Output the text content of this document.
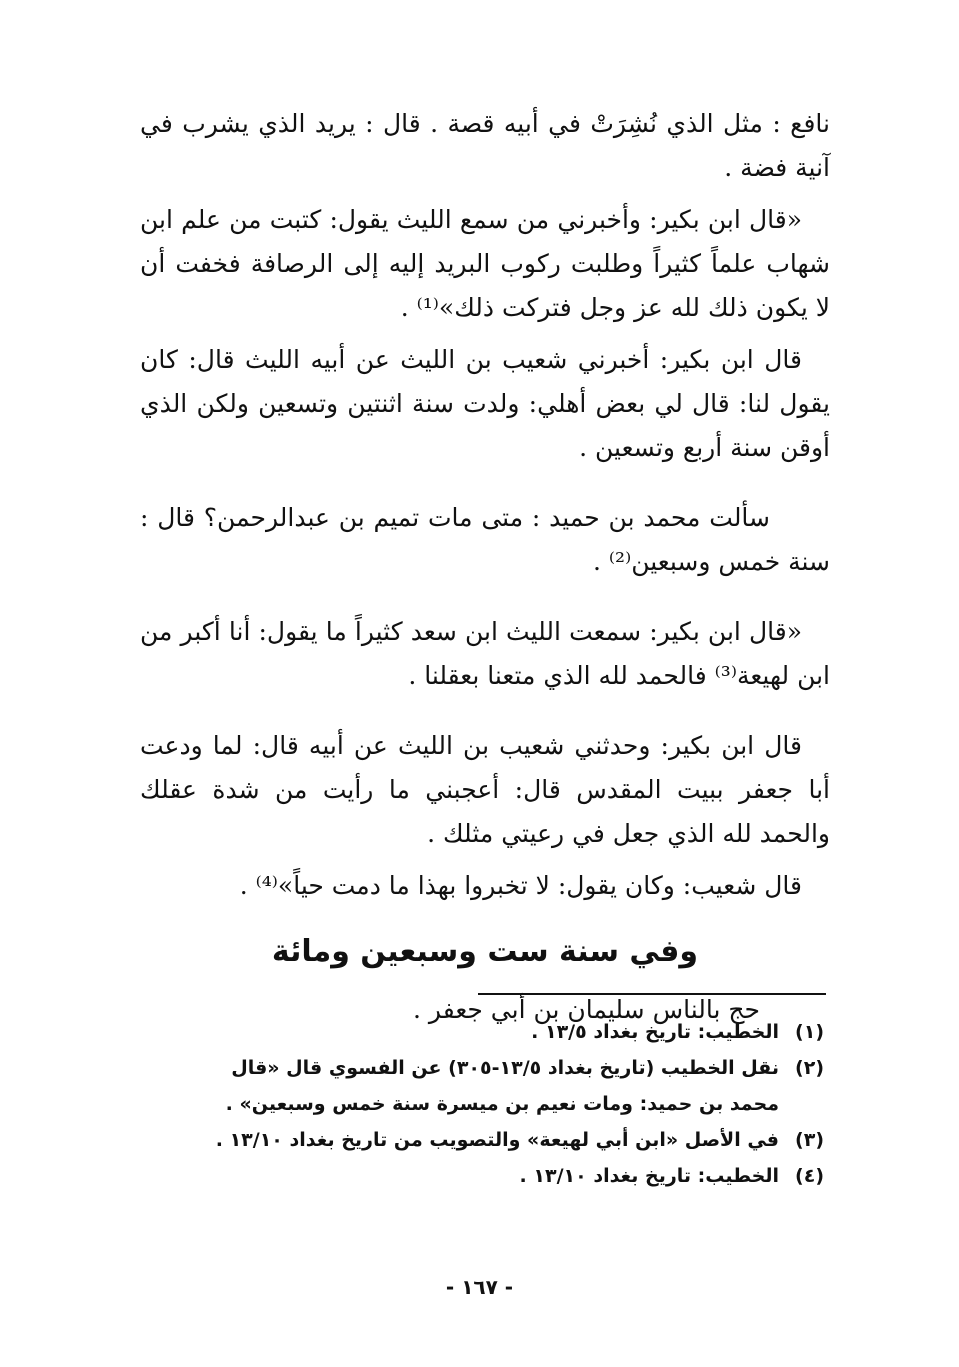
نافع : مثل الذي نُشِرَتْ في أبيه قصة . قال : يريد الذي يشرب في آنية فضة .

«قال ابن بكير: وأخبرني من سمع الليث يقول: كتبت من علم ابن شهاب علماً كثيراً وطلبت ركوب البريد إليه إلى الرصافة فخفت أن لا يكون ذلك لله عز وجل فتركت ذلك»⁽¹⁾ .

قال ابن بكير: أخبرني شعيب بن الليث عن أبيه الليث قال: كان يقول لنا: قال لي بعض أهلي: ولدت سنة اثنتين وتسعين ولكن الذي أوقن سنة أربع وتسعين .

سألت محمد بن حميد : متى مات تميم بن عبدالرحمن؟ قال : سنة خمس وسبعين⁽²⁾ .

«قال ابن بكير: سمعت الليث ابن سعد كثيراً ما يقول: أنا أكبر من ابن لهيعة⁽³⁾ فالحمد لله الذي متعنا بعقلنا .

قال ابن بكير: وحدثني شعيب بن الليث عن أبيه قال: لما ودعت أبا جعفر ببيت المقدس قال: أعجبني ما رأيت من شدة عقلك والحمد لله الذي جعل في رعيتي مثلك .

قال شعيب: وكان يقول: لا تخبروا بهذا ما دمت حياً»⁽⁴⁾ .

وفي سنة ست وسبعين ومائة
حج بالناس سليمان بن أبي جعفر .
(١)
الخطيب: تاريخ بغداد ١٣/٥ .
(٢)
نقل الخطيب (تاريخ بغداد ١٣/٥-٣٠٥) عن الفسوي قال «قال محمد بن حميد: ومات نعيم بن ميسرة سنة خمس وسبعين» .
(٣)
في الأصل «ابن أبي لهيعة» والتصويب من تاريخ بغداد ١٣/١٠ .
(٤)
الخطيب: تاريخ بغداد ١٣/١٠ .
- ١٦٧ -
